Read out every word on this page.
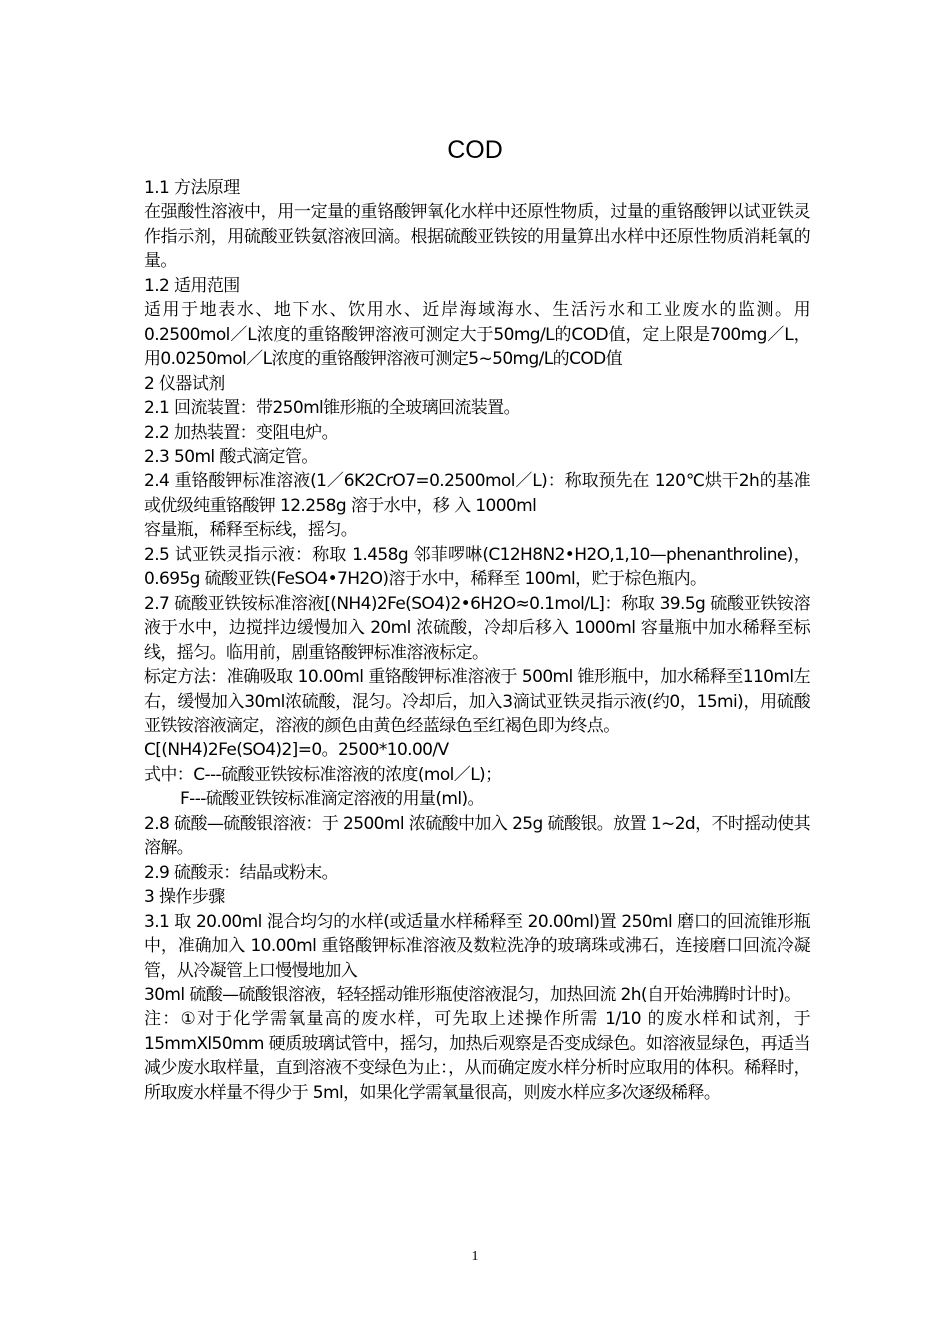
COD

1.1 方法原理

在强酸性溶液中，用一定量的重铬酸钾氧化水样中还原性物质，过量的重铬酸钾以试亚铁灵作指示剂，用硫酸亚铁氨溶液回滴。根据硫酸亚铁铵的用量算出水样中还原性物质消耗氧的量。

1.2 适用范围

适用于地表水、地下水、饮用水、近岸海域海水、生活污水和工业废水的监测。用0.2500mol／L浓度的重铬酸钾溶液可测定大于50mg/L的COD值，定上限是700mg／L，用0.0250mol／L浓度的重铬酸钾溶液可测定5~50mg/L的COD值

2 仪器试剂

2.1 回流装置：带250ml锥形瓶的全玻璃回流装置。

2.2 加热装置：变阻电炉。

2.3 50ml 酸式滴定管。

2.4 重铬酸钾标准溶液(1／6K2CrO7=0.2500mol／L)：称取预先在 120℃烘干2h的基准或优级纯重铬酸钾 12.258g 溶于水中，移 入 1000ml

容量瓶，稀释至标线，摇匀。

2.5 试亚铁灵指示液：称取 1.458g 邻菲啰啉(C12H8N2•H2O,1,10—phenanthroline)，0.695g 硫酸亚铁(FeSO4•7H2O)溶于水中，稀释至 100ml，贮于棕色瓶内。

2.7 硫酸亚铁铵标准溶液[(NH4)2Fe(SO4)2•6H2O≈0.1mol/L]：称取 39.5g 硫酸亚铁铵溶液于水中，边搅拌边缓慢加入 20ml 浓硫酸，冷却后移入 1000ml 容量瓶中加水稀释至标线，摇匀。临用前，剧重铬酸钾标准溶液标定。

标定方法：准确吸取 10.00ml 重铬酸钾标准溶液于 500ml 锥形瓶中，加水稀释至110ml左右，缓慢加入30ml浓硫酸，混匀。冷却后，加入3滴试亚铁灵指示液(约0，15mi)，用硫酸亚铁铵溶液滴定，溶液的颜色由黄色经蓝绿色至红褐色即为终点。

C[(NH4)2Fe(SO4)2]=0。2500*10.00/V

式中：C---硫酸亚铁铵标准溶液的浓度(mol／L)；

F---硫酸亚铁铵标准滴定溶液的用量(ml)。

2.8 硫酸—硫酸银溶液：于 2500ml 浓硫酸中加入 25g 硫酸银。放置 1~2d，不时摇动使其溶解。

2.9 硫酸汞：结晶或粉末。

3 操作步骤

3.1 取 20.00ml 混合均匀的水样(或适量水样稀释至 20.00ml)置 250ml 磨口的回流锥形瓶中，准确加入 10.00ml 重铬酸钾标准溶液及数粒洗净的玻璃珠或沸石，连接磨口回流冷凝管，从冷凝管上口慢慢地加入

30ml 硫酸—硫酸银溶液，轻轻摇动锥形瓶使溶液混匀，加热回流 2h(自开始沸腾时计时)。

注：①对于化学需氧量高的废水样，可先取上述操作所需 1/10 的废水样和试剂，于 15mmXl50mm 硬质玻璃试管中，摇匀，加热后观察是否变成绿色。如溶液显绿色，再适当减少废水取样量，直到溶液不变绿色为止：，从而确定废水样分析时应取用的体积。稀释时，所取废水样量不得少于 5ml，如果化学需氧量很高，则废水样应多次逐级稀释。

1
